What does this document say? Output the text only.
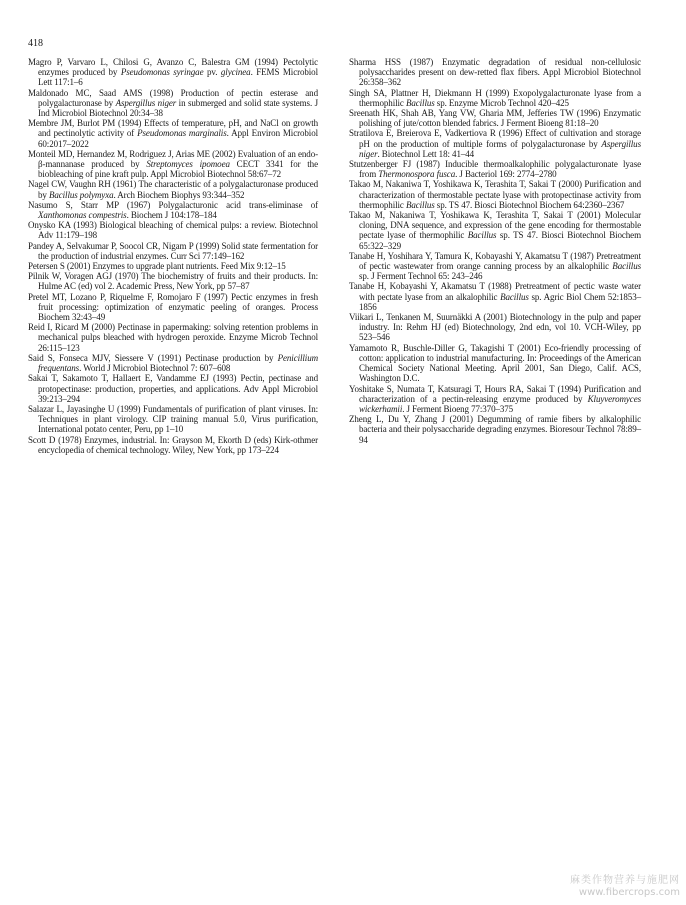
418

Magro P, Varvaro L, Chilosi G, Avanzo C, Balestra GM (1994) Pectolytic enzymes produced by Pseudomonas syringae pv. glycinea. FEMS Microbiol Lett 117:1–6

Maldonado MC, Saad AMS (1998) Production of pectin esterase and polygalacturonase by Aspergillus niger in submerged and solid state systems. J Ind Microbiol Biotechnol 20:34–38

Membre JM, Burlot PM (1994) Effects of temperature, pH, and NaCl on growth and pectinolytic activity of Pseudomonas marginalis. Appl Environ Microbiol 60:2017–2022

Monteil MD, Hernandez M, Rodriguez J, Arias ME (2002) Evaluation of an endo-β-mannanase produced by Streptomyces ipomoea CECT 3341 for the biobleaching of pine kraft pulp. Appl Microbiol Biotechnol 58:67–72

Nagel CW, Vaughn RH (1961) The characteristic of a polygalacturonase produced by Bacillus polymyxa. Arch Biochem Biophys 93:344–352

Nasumo S, Starr MP (1967) Polygalacturonic acid trans-eliminase of Xanthomonas compestris. Biochem J 104:178–184

Onysko KA (1993) Biological bleaching of chemical pulps: a review. Biotechnol Adv 11:179–198

Pandey A, Selvakumar P, Soocol CR, Nigam P (1999) Solid state fermentation for the production of industrial enzymes. Curr Sci 77:149–162

Petersen S (2001) Enzymes to upgrade plant nutrients. Feed Mix 9:12–15

Pilnik W, Voragen AGJ (1970) The biochemistry of fruits and their products. In: Hulme AC (ed) vol 2. Academic Press, New York, pp 57–87

Pretel MT, Lozano P, Riquelme F, Romojaro F (1997) Pectic enzymes in fresh fruit processing: optimization of enzymatic peeling of oranges. Process Biochem 32:43–49

Reid I, Ricard M (2000) Pectinase in papermaking: solving retention problems in mechanical pulps bleached with hydrogen peroxide. Enzyme Microb Technol 26:115–123

Said S, Fonseca MJV, Siessere V (1991) Pectinase production by Penicillium frequentans. World J Microbiol Biotechnol 7: 607–608

Sakai T, Sakamoto T, Hallaert E, Vandamme EJ (1993) Pectin, pectinase and protopectinase: production, properties, and applications. Adv Appl Microbiol 39:213–294

Salazar L, Jayasinghe U (1999) Fundamentals of purification of plant viruses. In: Techniques in plant virology. CIP training manual 5.0, Virus purification, International potato center, Peru, pp 1–10

Scott D (1978) Enzymes, industrial. In: Grayson M, Ekorth D (eds) Kirk-othmer encyclopedia of chemical technology. Wiley, New York, pp 173–224

Sharma HSS (1987) Enzymatic degradation of residual non-cellulosic polysaccharides present on dew-retted flax fibers. Appl Microbiol Biotechnol 26:358–362

Singh SA, Plattner H, Diekmann H (1999) Exopolygalacturonate lyase from a thermophilic Bacillus sp. Enzyme Microb Technol 420–425

Sreenath HK, Shah AB, Yang VW, Gharia MM, Jefferies TW (1996) Enzymatic polishing of jute/cotton blended fabrics. J Ferment Bioeng 81:18–20

Stratilova E, Breierova E, Vadkertiova R (1996) Effect of cultivation and storage pH on the production of multiple forms of polygalacturonase by Aspergillus niger. Biotechnol Lett 18: 41–44

Stutzenberger FJ (1987) Inducible thermoalkalophilic polygalacturonate lyase from Thermonospora fusca. J Bacteriol 169: 2774–2780

Takao M, Nakaniwa T, Yoshikawa K, Terashita T, Sakai T (2000) Purification and characterization of thermostable pectate lyase with protopectinase activity from thermophilic Bacillus sp. TS 47. Biosci Biotechnol Biochem 64:2360–2367

Takao M, Nakaniwa T, Yoshikawa K, Terashita T, Sakai T (2001) Molecular cloning, DNA sequence, and expression of the gene encoding for thermostable pectate lyase of thermophilic Bacillus sp. TS 47. Biosci Biotechnol Biochem 65:322–329

Tanabe H, Yoshihara Y, Tamura K, Kobayashi Y, Akamatsu T (1987) Pretreatment of pectic wastewater from orange canning process by an alkalophilic Bacillus sp. J Ferment Technol 65: 243–246

Tanabe H, Kobayashi Y, Akamatsu T (1988) Pretreatment of pectic waste water with pectate lyase from an alkalophilic Bacillus sp. Agric Biol Chem 52:1853–1856

Viikari L, Tenkanen M, Suurnäkki A (2001) Biotechnology in the pulp and paper industry. In: Rehm HJ (ed) Biotechnology, 2nd edn, vol 10. VCH-Wiley, pp 523–546

Yamamoto R, Buschle-Diller G, Takagishi T (2001) Eco-friendly processing of cotton: application to industrial manufacturing. In: Proceedings of the American Chemical Society National Meeting. April 2001, San Diego, Calif. ACS, Washington D.C.

Yoshitake S, Numata T, Katsuragi T, Hours RA, Sakai T (1994) Purification and characterization of a pectin-releasing enzyme produced by Kluyveromyces wickerhamii. J Ferment Bioeng 77:370–375

Zheng L, Du Y, Zhang J (2001) Degumming of ramie fibers by alkalophilic bacteria and their polysaccharide degrading enzymes. Bioresour Technol 78:89–94

麻类作物营养与施肥网
www.fibercrops.com
